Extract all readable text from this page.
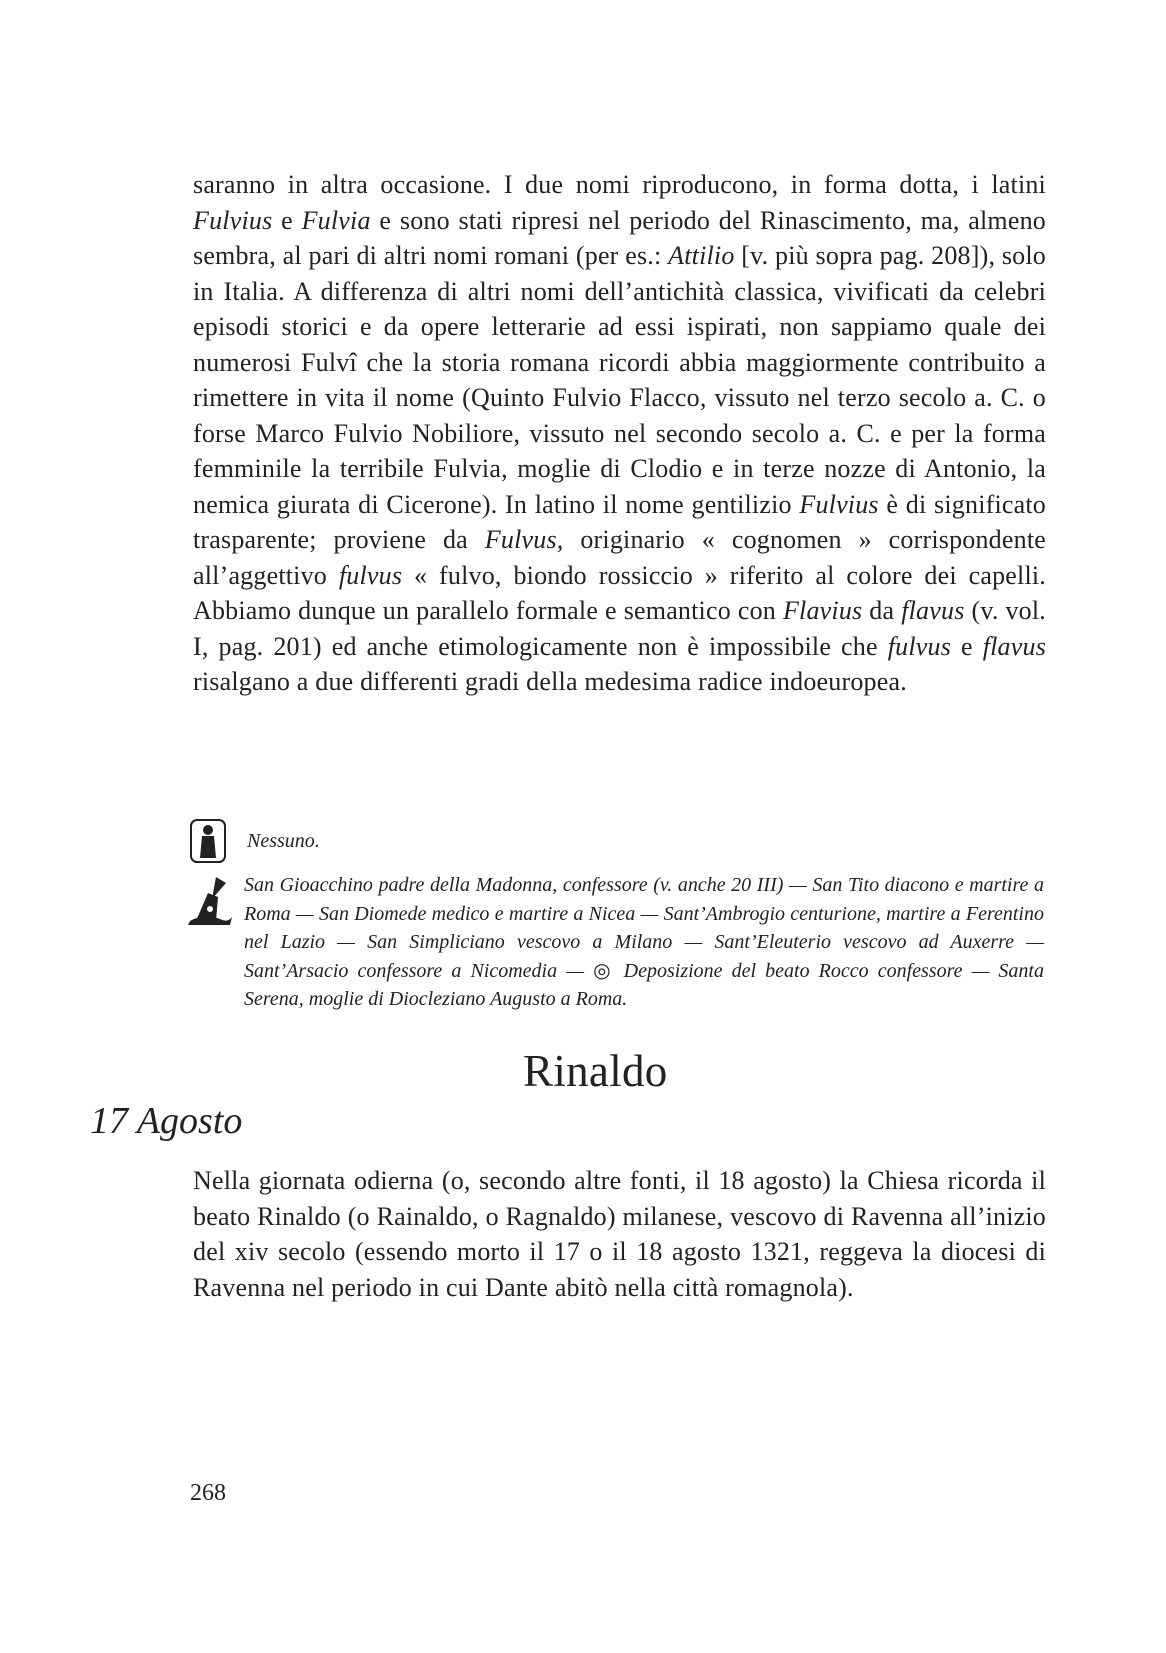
saranno in altra occasione. I due nomi riproducono, in forma dotta, i latini Fulvius e Fulvia e sono stati ripresi nel periodo del Rinascimento, ma, almeno sembra, al pari di altri nomi romani (per es.: Attilio [v. più sopra pag. 208]), solo in Italia. A differenza di altri nomi dell’antichità classica, vivificati da celebri episodi storici e da opere letterarie ad essi ispirati, non sappiamo quale dei numerosi Fulvî che la storia romana ricordi abbia maggiormente contribuito a rimettere in vita il nome (Quinto Fulvio Flacco, vissuto nel terzo secolo a. C. o forse Marco Fulvio Nobiliore, vissuto nel secondo secolo a. C. e per la forma femminile la terribile Fulvia, moglie di Clodio e in terze nozze di Antonio, la nemica giurata di Cicerone). In latino il nome gentilizio Fulvius è di significato trasparente; proviene da Fulvus, originario « cognomen » corrispondente all’aggettivo fulvus « fulvo, biondo rossiccio » riferito al colore dei capelli. Abbiamo dunque un parallelo formale e semantico con Flavius da flavus (v. vol. I, pag. 201) ed anche etimologicamente non è impossibile che fulvus e flavus risalgano a due differenti gradi della medesima radice indoeuropea.

Nessuno.
San Gioacchino padre della Madonna, confessore (v. anche 20 III) — San Tito diacono e martire a Roma — San Diomede medico e martire a Nicea — Sant’Ambrogio centurione, martire a Ferentino nel Lazio — San Simpliciano vescovo a Milano — Sant’Eleuterio vescovo ad Auxerre — Sant’Arsacio confessore a Nicomedia — ◎ Deposizione del beato Rocco confessore — Santa Serena, moglie di Diocleziano Augusto a Roma.
Rinaldo
17 Agosto

Nella giornata odierna (o, secondo altre fonti, il 18 agosto) la Chiesa ricorda il beato Rinaldo (o Rainaldo, o Ragnaldo) milanese, vescovo di Ravenna all’inizio del xiv secolo (essendo morto il 17 o il 18 agosto 1321, reggeva la diocesi di Ravenna nel periodo in cui Dante abitò nella città romagnola).

268
